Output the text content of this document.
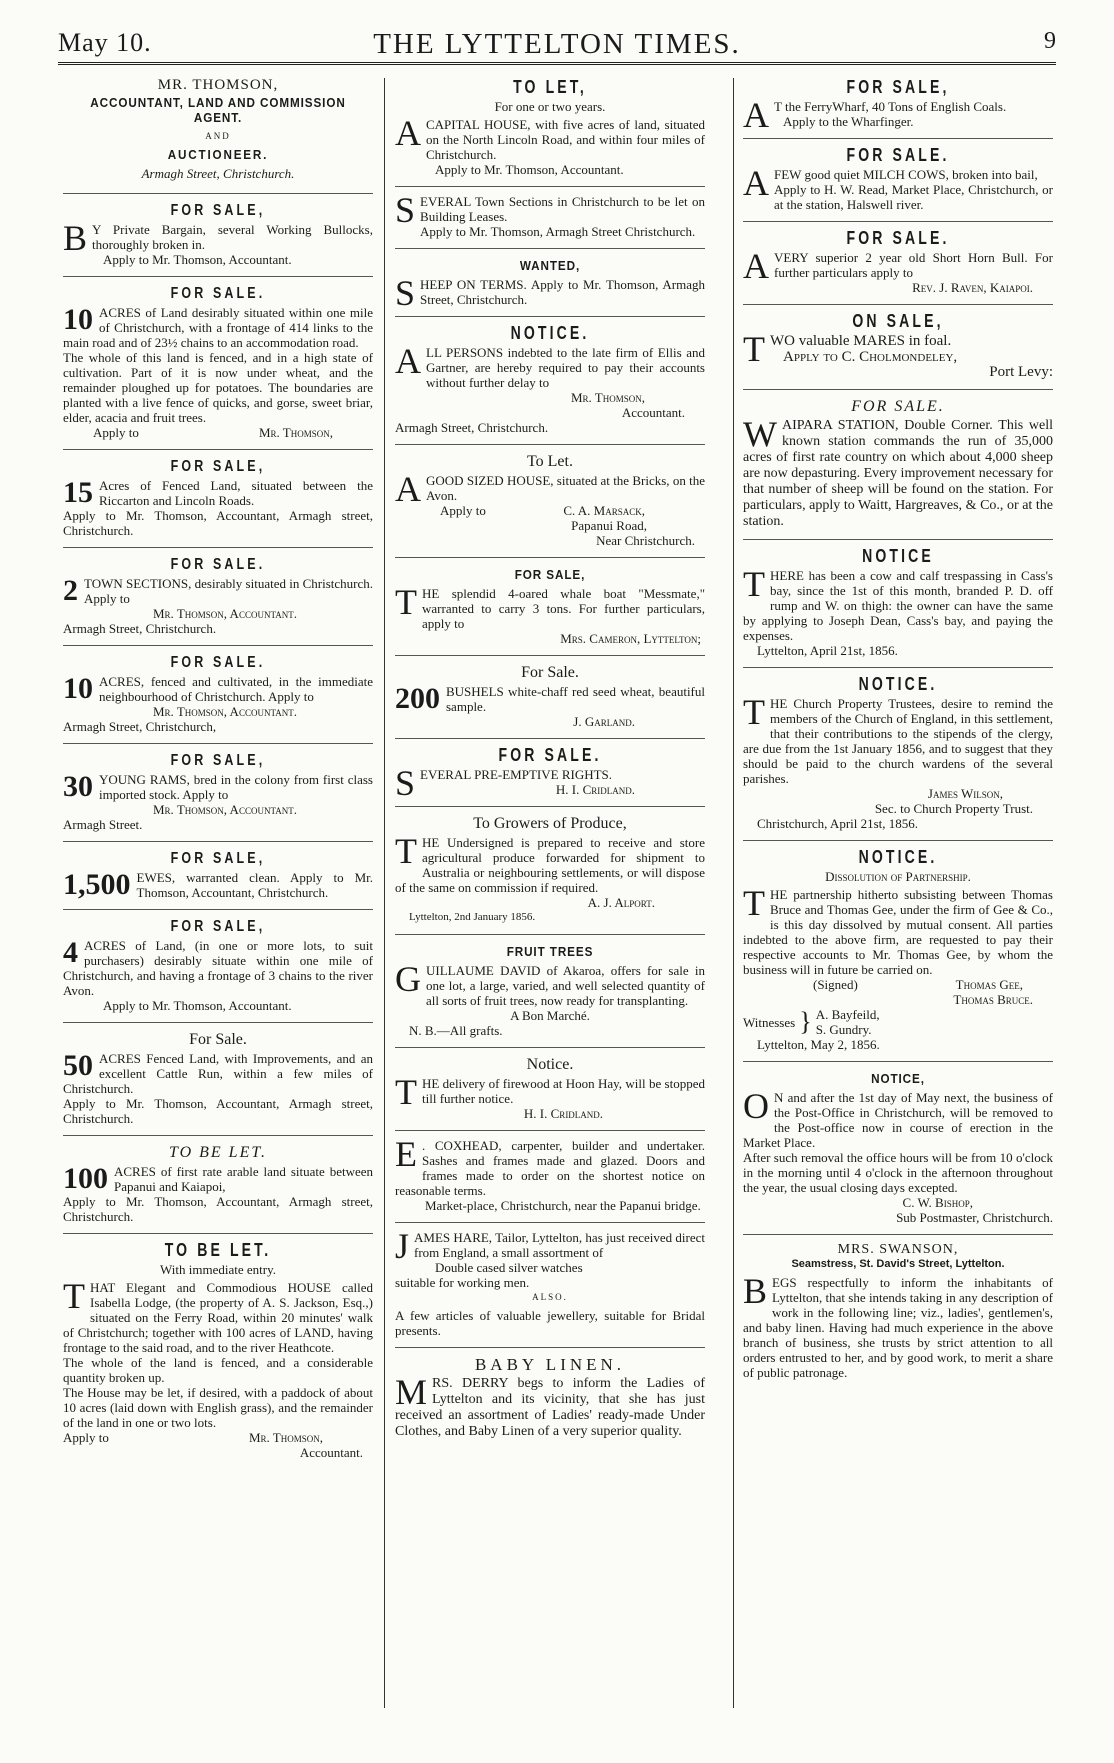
May 10.	THE LYTTELTON TIMES.	9
MR. THOMSON,
ACCOUNTANT, LAND AND COMMISSION AGENT.
AND
AUCTIONEER.
Armagh Street, Christchurch.
FOR SALE,

B Y Private Bargain, several Working Bullocks, thoroughly broken in.

Apply to Mr. Thomson, Accountant.
FOR SALE.

10 ACRES of Land desirably situated within one mile of Christchurch, with a frontage of 414 links to the main road and of 23½ chains to an accommodation road.

The whole of this land is fenced, and in a high state of cultivation. Part of it is now under wheat, and the remainder ploughed up for potatoes. The boundaries are planted with a live fence of quicks, and gorse, sweet briar, elder, acacia and fruit trees.

Apply to	Mr. Thomson,
FOR SALE,

15 Acres of Fenced Land, situated between the Riccarton and Lincoln Roads.

Apply to Mr. Thomson, Accountant, Armagh street, Christchurch.

FOR SALE.

2 TOWN SECTIONS, desirably situated in Christchurch. Apply to

Mr. Thomson, Accountant.
Armagh Street, Christchurch.
FOR SALE.

10 ACRES, fenced and cultivated, in the immediate neighbourhood of Christchurch. Apply to

Mr. Thomson, Accountant.
Armagh Street, Christchurch,
FOR SALE,

30 YOUNG RAMS, bred in the colony from first class imported stock. Apply to

Mr. Thomson, Accountant.
Armagh Street.
FOR SALE,

1,500 EWES, warranted clean. Apply to Mr. Thomson, Accountant, Christchurch.

FOR SALE,

4 ACRES of Land, (in one or more lots, to suit purchasers) desirably situate within one mile of Christchurch, and having a frontage of 3 chains to the river Avon.

Apply to Mr. Thomson, Accountant.
For Sale.

50 ACRES Fenced Land, with Improvements, and an excellent Cattle Run, within a few miles of Christchurch.

Apply to Mr. Thomson, Accountant, Armagh street, Christchurch.

TO BE LET.

100 ACRES of first rate arable land situate between Papanui and Kaiapoi,

Apply to Mr. Thomson, Accountant, Armagh street, Christchurch.

TO BE LET.
With immediate entry.

THAT Elegant and Commodious HOUSE called Isabella Lodge, (the property of A. S. Jackson, Esq.,) situated on the Ferry Road, within 20 minutes' walk of Christchurch; together with 100 acres of LAND, having frontage to the said road, and to the river Heathcote.

The whole of the land is fenced, and a considerable quantity broken up.

The House may be let, if desired, with a paddock of about 10 acres (laid down with English grass), and the remainder of the land in one or two lots.

Apply to	Mr. Thomson,
Accountant.
TO LET,
For one or two years.

ACAPITAL HOUSE, with five acres of land, situated on the North Lincoln Road, and within four miles of Christchurch.

Apply to Mr. Thomson, Accountant.

SEVERAL Town Sections in Christchurch to be let on Building Leases.

Apply to Mr. Thomson, Armagh Street Christchurch.

WANTED,

SHEEP ON TERMS. Apply to Mr. Thomson, Armagh Street, Christchurch.

NOTICE.

ALL PERSONS indebted to the late firm of Ellis and Gartner, are hereby required to pay their accounts without further delay to

Mr. Thomson,
Accountant.
Armagh Street, Christchurch.
To Let.

AGOOD SIZED HOUSE, situated at the Bricks, on the Avon.

Apply to	C. A. Marsack,
Papanui Road,
Near Christchurch.
FOR SALE,

THE splendid 4-oared whale boat "Messmate," warranted to carry 3 tons. For further particulars, apply to

Mrs. Cameron, Lyttelton;
For Sale.

200 BUSHELS white-chaff red seed wheat, beautiful sample.

J. Garland.
FOR SALE.

SEVERAL PRE-EMPTIVE RIGHTS.

H. I. Cridland.
To Growers of Produce,

THE Undersigned is prepared to receive and store agricultural produce forwarded for shipment to Australia or neighbouring settlements, or will dispose of the same on commission if required.

A. J. Alport.
Lyttelton, 2nd January 1856.
FRUIT TREES

GUILLAUME DAVID of Akaroa, offers for sale in one lot, a large, varied, and well selected quantity of all sorts of fruit trees, now ready for transplanting.

A Bon Marché.
N. B.—All grafts.
Notice.

THE delivery of firewood at Hoon Hay, will be stopped till further notice.

H. I. Cridland.

E . COXHEAD, carpenter, builder and undertaker. Sashes and frames made and glazed. Doors and frames made to order on the shortest notice on reasonable terms.

Market-place, Christchurch, near the Papanui bridge.

JAMES HARE, Tailor, Lyttelton, has just received direct from England, a small assortment of

Double cased silver watches
suitable for working men.
ALSO.

A few articles of valuable jewellery, suitable for Bridal presents.

BABY LINEN.

MRS. DERRY begs to inform the Ladies of Lyttelton and its vicinity, that she has just received an assortment of Ladies' ready-made Under Clothes, and Baby Linen of a very superior quality.

FOR SALE,

A T the FerryWharf, 40 Tons of English Coals.

Apply to the Wharfinger.
FOR SALE.

AFEW good quiet MILCH COWS, broken into bail,

Apply to H. W. Read, Market Place, Christchurch, or at the station, Halswell river.

FOR SALE.

AVERY superior 2 year old Short Horn Bull. For further particulars apply to

Rev. J. Raven, Kaiapoi.
ON SALE,

TWO valuable MARES in foal.

Apply to C. Cholmondeley,
Port Levy:
FOR SALE.

WAIPARA STATION, Double Corner. This well known station commands the run of 35,000 acres of first rate country on which about 4,000 sheep are now depasturing. Every improvement necessary for that number of sheep will be found on the station. For particulars, apply to Waitt, Hargreaves, & Co., or at the station.

NOTICE

THERE has been a cow and calf trespassing in Cass's bay, since the 1st of this month, branded P. D. off rump and W. on thigh: the owner can have the same by applying to Joseph Dean, Cass's bay, and paying the expenses.

Lyttelton, April 21st, 1856.
NOTICE.

THE Church Property Trustees, desire to remind the members of the Church of England, in this settlement, that their contributions to the stipends of the clergy, are due from the 1st January 1856, and to suggest that they should be paid to the church wardens of the several parishes.

James Wilson,
Sec. to Church Property Trust.
Christchurch, April 21st, 1856.
NOTICE.
Dissolution of Partnership.

THE partnership hitherto subsisting between Thomas Bruce and Thomas Gee, under the firm of Gee & Co., is this day dissolved by mutual consent. All parties indebted to the above firm, are requested to pay their respective accounts to Mr. Thomas Gee, by whom the business will in future be carried on.

(Signed)	Thomas Gee,
Thomas Bruce.
Witnesses } A. Bayfeild,
S. Gundry.
Lyttelton, May 2, 1856.
NOTICE,

O N and after the 1st day of May next, the business of the Post-Office in Christchurch, will be removed to the Post-office now in course of erection in the Market Place.

After such removal the office hours will be from 10 o'clock in the morning until 4 o'clock in the afternoon throughout the year, the usual closing days excepted.

C. W. Bishop,
Sub Postmaster, Christchurch.
MRS. SWANSON,
Seamstress, St. David's Street, Lyttelton.

BEGS respectfully to inform the inhabitants of Lyttelton, that she intends taking in any description of work in the following line; viz., ladies', gentlemen's, and baby linen. Having had much experience in the above branch of business, she trusts by strict attention to all orders entrusted to her, and by good work, to merit a share of public patronage.
